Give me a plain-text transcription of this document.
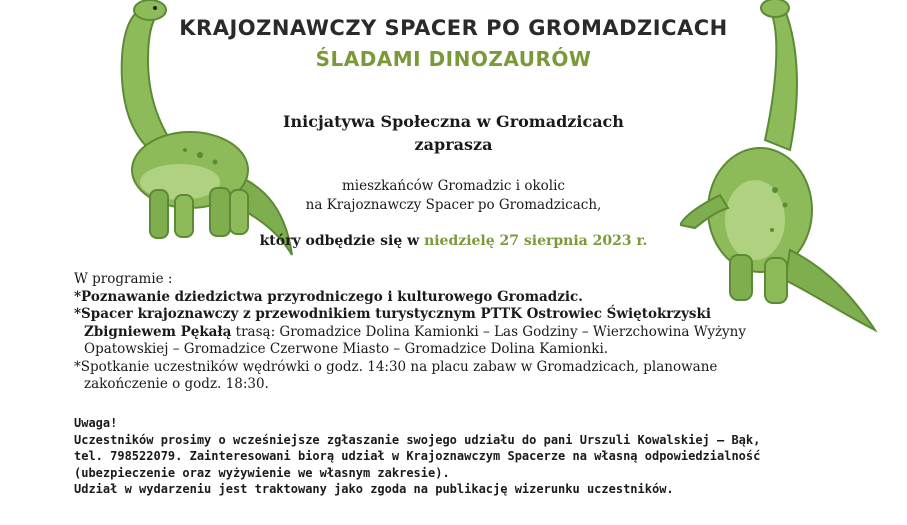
KRAJOZNAWCZY SPACER PO GROMADZICACH
ŚLADAMI DINOZAURÓW
Inicjatywa Społeczna w Gromadzicach
zaprasza
mieszkańców Gromadzic i okolic
na Krajoznawczy Spacer po Gromadzicach,
który odbędzie się w niedzielę 27 sierpnia 2023 r.

W programie :

*Poznawanie dziedzictwa przyrodniczego i kulturowego Gromadzic.

*Spacer krajoznawczy z przewodnikiem turystycznym PTTK Ostrowiec Świętokrzyski

Zbigniewem Pękałą trasą: Gromadzice Dolina Kamionki – Las Godziny – Wierzchowina Wyżyny

Opatowskiej – Gromadzice Czerwone Miasto – Gromadzice Dolina Kamionki.

*Spotkanie uczestników wędrówki o godz. 14:30 na placu zabaw w Gromadzicach, planowane

zakończenie o godz. 18:30.

Uwaga!

Uczestników prosimy o wcześniejsze zgłaszanie swojego udziału do pani Urszuli Kowalskiej – Bąk,

tel. 798522079. Zainteresowani biorą udział w Krajoznawczym Spacerze na własną odpowiedzialność

(ubezpieczenie oraz wyżywienie we własnym zakresie).

Udział w wydarzeniu jest traktowany jako zgoda na publikację wizerunku uczestników.
